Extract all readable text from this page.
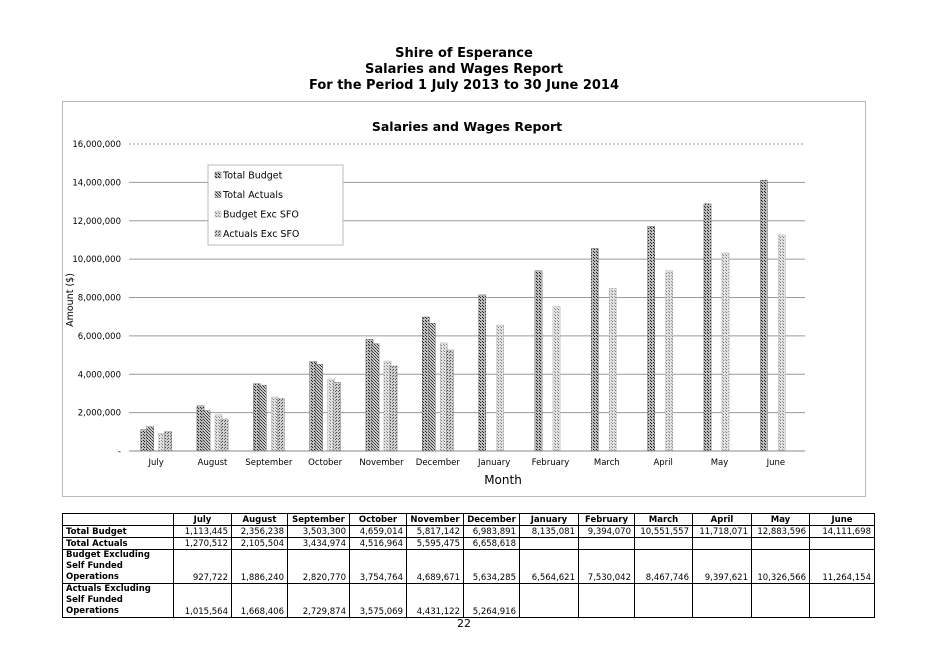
Shire of Esperance
Salaries and Wages Report
For the Period 1 July 2013 to 30 June 2014
Salaries and Wages Report
-
2,000,000
4,000,000
6,000,000
8,000,000
10,000,000
12,000,000
14,000,000
16,000,000
July	August September October November December January	February	March	April	May	June
Amount ($)
Month
Total Budget
Total Actuals
Budget Exc SFO
Actuals Exc SFO
	July	August	September	October	November	December	January	February	March	April	May	June
Total Budget	1,113,445	2,356,238	3,503,300	4,659,014	5,817,142	6,983,891	8,135,081	9,394,070	10,551,557	11,718,071	12,883,596	14,111,698
Total Actuals	1,270,512	2,105,504	3,434,974	4,516,964	5,595,475	6,658,618						
Budget Excluding Self Funded Operations	927,722	1,886,240	2,820,770	3,754,764	4,689,671	5,634,285	6,564,621	7,530,042	8,467,746	9,397,621	10,326,566	11,264,154
Actuals Excluding Self Funded Operations	1,015,564	1,668,406	2,729,874	3,575,069	4,431,122	5,264,916						
22
